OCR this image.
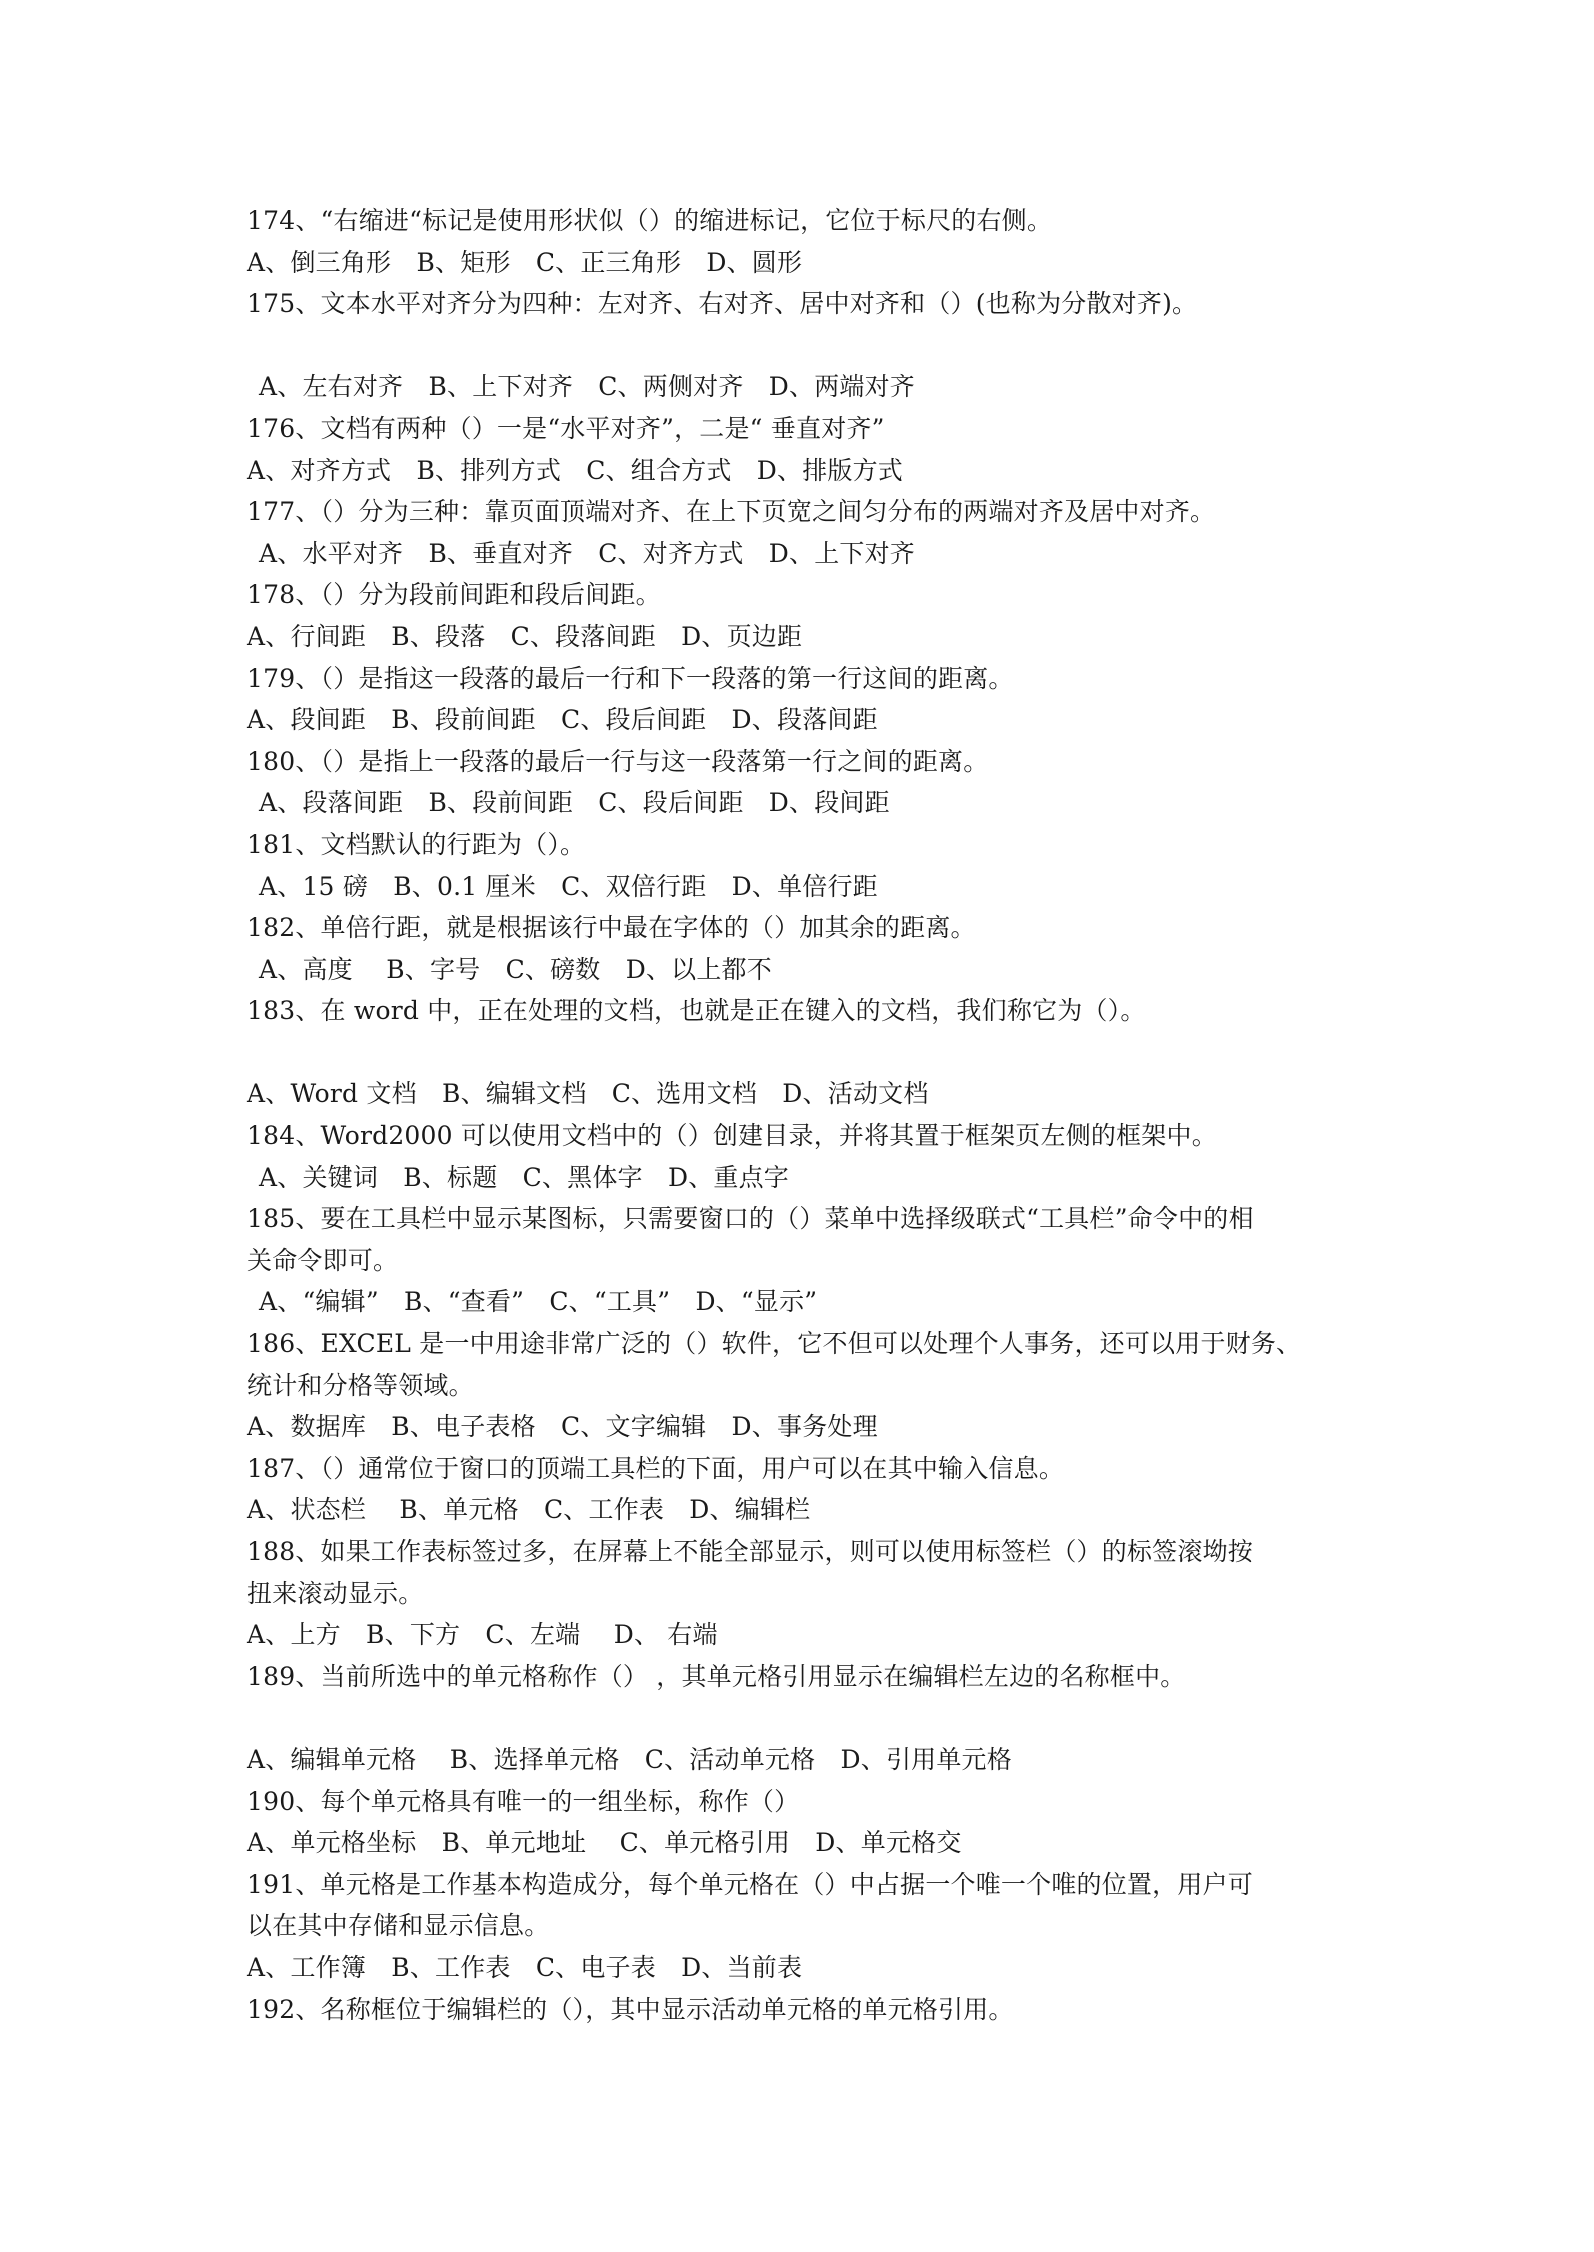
174、“右缩进“标记是使用形状似（）的缩进标记，它位于标尺的右侧。
A、倒三角形　B、矩形　C、正三角形　D、圆形
175、文本水平对齐分为四种：左对齐、右对齐、居中对齐和（）(也称为分散对齐)。
A、左右对齐　B、上下对齐　C、两侧对齐　D、两端对齐
176、文档有两种（）一是“水平对齐”，二是“ 垂直对齐”
A、对齐方式　B、排列方式　C、组合方式　D、排版方式
177、（）分为三种：靠页面顶端对齐、在上下页宽之间匀分布的两端对齐及居中对齐。
A、水平对齐　B、垂直对齐　C、对齐方式　D、上下对齐
178、（）分为段前间距和段后间距。
A、行间距　B、段落　C、段落间距　D、页边距
179、（）是指这一段落的最后一行和下一段落的第一行这间的距离。
A、段间距　B、段前间距　C、段后间距　D、段落间距
180、（）是指上一段落的最后一行与这一段落第一行之间的距离。
A、段落间距　B、段前间距　C、段后间距　D、段间距
181、文档默认的行距为（）。
A、15 磅　B、0.1 厘米　C、双倍行距　D、单倍行距
182、单倍行距，就是根据该行中最在字体的（）加其余的距离。
A、高度　 B、字号　C、磅数　D、以上都不
183、在 word 中，正在处理的文档，也就是正在键入的文档，我们称它为（）。
A、Word 文档　B、编辑文档　C、选用文档　D、活动文档
184、Word2000 可以使用文档中的（）创建目录，并将其置于框架页左侧的框架中。
A、关键词　B、标题　C、黑体字　D、重点字
185、要在工具栏中显示某图标，只需要窗口的（）菜单中选择级联式“工具栏”命令中的相
关命令即可。
A、“编辑”　B、“查看”　C、“工具”　D、“显示”
186、EXCEL 是一中用途非常广泛的（）软件，它不但可以处理个人事务，还可以用于财务、
统计和分格等领域。
A、数据库　B、电子表格　C、文字编辑　D、事务处理
187、（）通常位于窗口的顶端工具栏的下面，用户可以在其中输入信息。
A、状态栏　 B、单元格　C、工作表　D、编辑栏
188、如果工作表标签过多，在屏幕上不能全部显示，则可以使用标签栏（）的标签滚坳按
扭来滚动显示。
A、上方　B、下方　C、左端　 D、 右端
189、当前所选中的单元格称作（） ，其单元格引用显示在编辑栏左边的名称框中。
A、编辑单元格　 B、选择单元格　C、活动单元格　D、引用单元格
190、每个单元格具有唯一的一组坐标，称作（）
A、单元格坐标　B、单元地址　 C、单元格引用　D、单元格交
191、单元格是工作基本构造成分，每个单元格在（）中占据一个唯一个唯的位置，用户可
以在其中存储和显示信息。
A、工作簿　B、工作表　C、电子表　D、当前表
192、名称框位于编辑栏的（），其中显示活动单元格的单元格引用。
